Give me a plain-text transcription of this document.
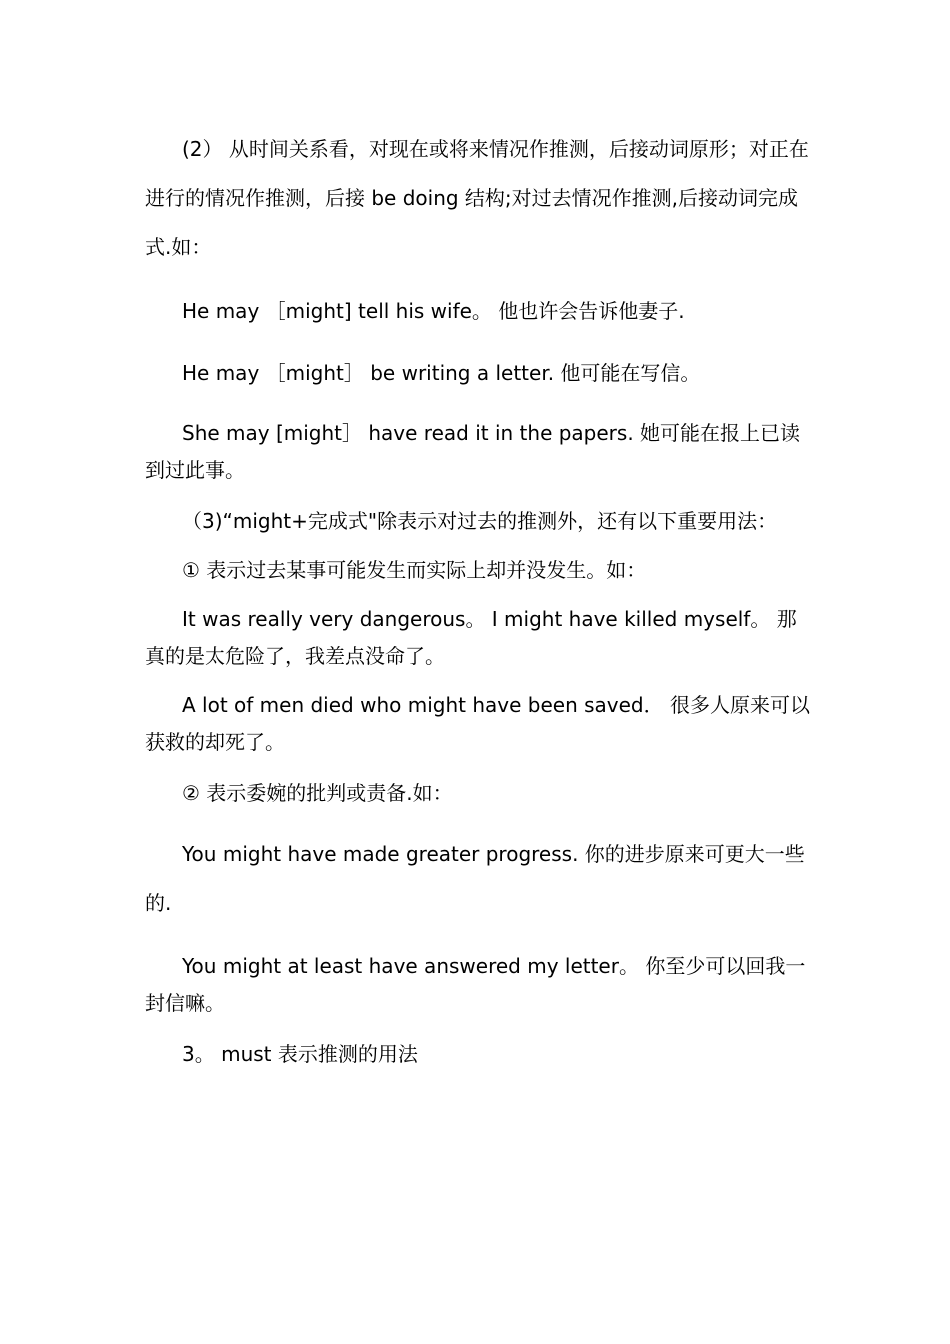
(2） 从时间关系看，对现在或将来情况作推测，后接动词原形；对正在进行的情况作推测，后接 be doing 结构;对过去情况作推测,后接动词完成式.如：

He may ［might] tell his wife。 他也许会告诉他妻子.

He may ［might］ be writing a letter. 他可能在写信。

She may [might］ have read it in the papers. 她可能在报上已读到过此事。

（3)“might+完成式"除表示对过去的推测外，还有以下重要用法：

① 表示过去某事可能发生而实际上却并没发生。如：

It was really very dangerous。 I might have killed myself。 那真的是太危险了，我差点没命了。

A lot of men died who might have been saved． 很多人原来可以获救的却死了。

② 表示委婉的批判或责备.如：

You might have made greater progress. 你的进步原来可更大一些的.

You might at least have answered my letter。 你至少可以回我一封信嘛。

3。 must 表示推测的用法
